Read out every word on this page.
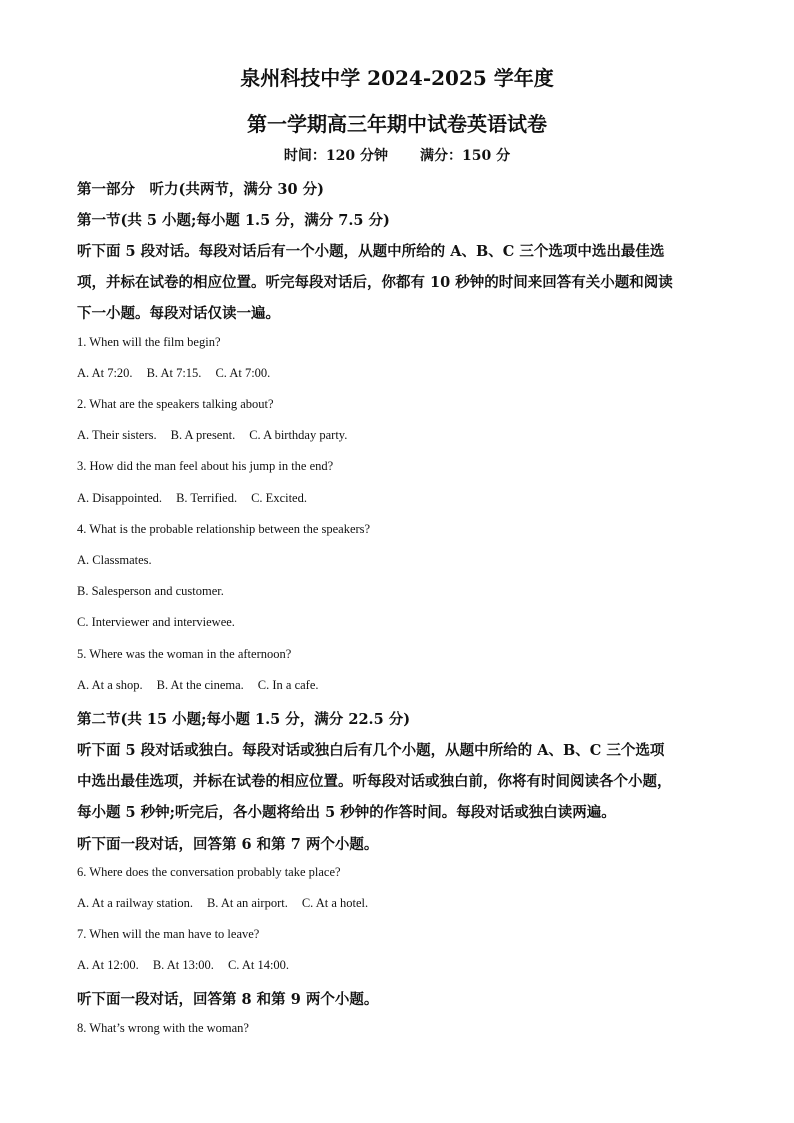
泉州科技中学 2024-2025 学年度
第一学期高三年期中试卷英语试卷
时间：120 分钟 满分：150 分
第一部分　听力(共两节，满分 30 分)
第一节(共 5 小题;每小题 1.5 分，满分 7.5 分)
听下面 5 段对话。每段对话后有一个小题，从题中所给的 A、B、C 三个选项中选出最佳选
项，并标在试卷的相应位置。听完每段对话后，你都有 10 秒钟的时间来回答有关小题和阅读
下一小题。每段对话仅读一遍。
1. When will the film begin?
A. At 7:20. B. At 7:15. C. At 7:00.
2. What are the speakers talking about?
A. Their sisters. B. A present. C. A birthday party.
3. How did the man feel about his jump in the end?
A. Disappointed. B. Terrified. C. Excited.
4. What is the probable relationship between the speakers?
A. Classmates.
B. Salesperson and customer.
C. Interviewer and interviewee.
5. Where was the woman in the afternoon?
A. At a shop. B. At the cinema. C. In a cafe.
第二节(共 15 小题;每小题 1.5 分，满分 22.5 分)
听下面 5 段对话或独白。每段对话或独白后有几个小题，从题中所给的 A、B、C 三个选项
中选出最佳选项，并标在试卷的相应位置。听每段对话或独白前，你将有时间阅读各个小题，
每小题 5 秒钟;听完后，各小题将给出 5 秒钟的作答时间。每段对话或独白读两遍。
听下面一段对话，回答第 6 和第 7 两个小题。
6. Where does the conversation probably take place?
A. At a railway station. B. At an airport. C. At a hotel.
7. When will the man have to leave?
A. At 12:00. B. At 13:00. C. At 14:00.
听下面一段对话，回答第 8 和第 9 两个小题。
8. What’s wrong with the woman?
